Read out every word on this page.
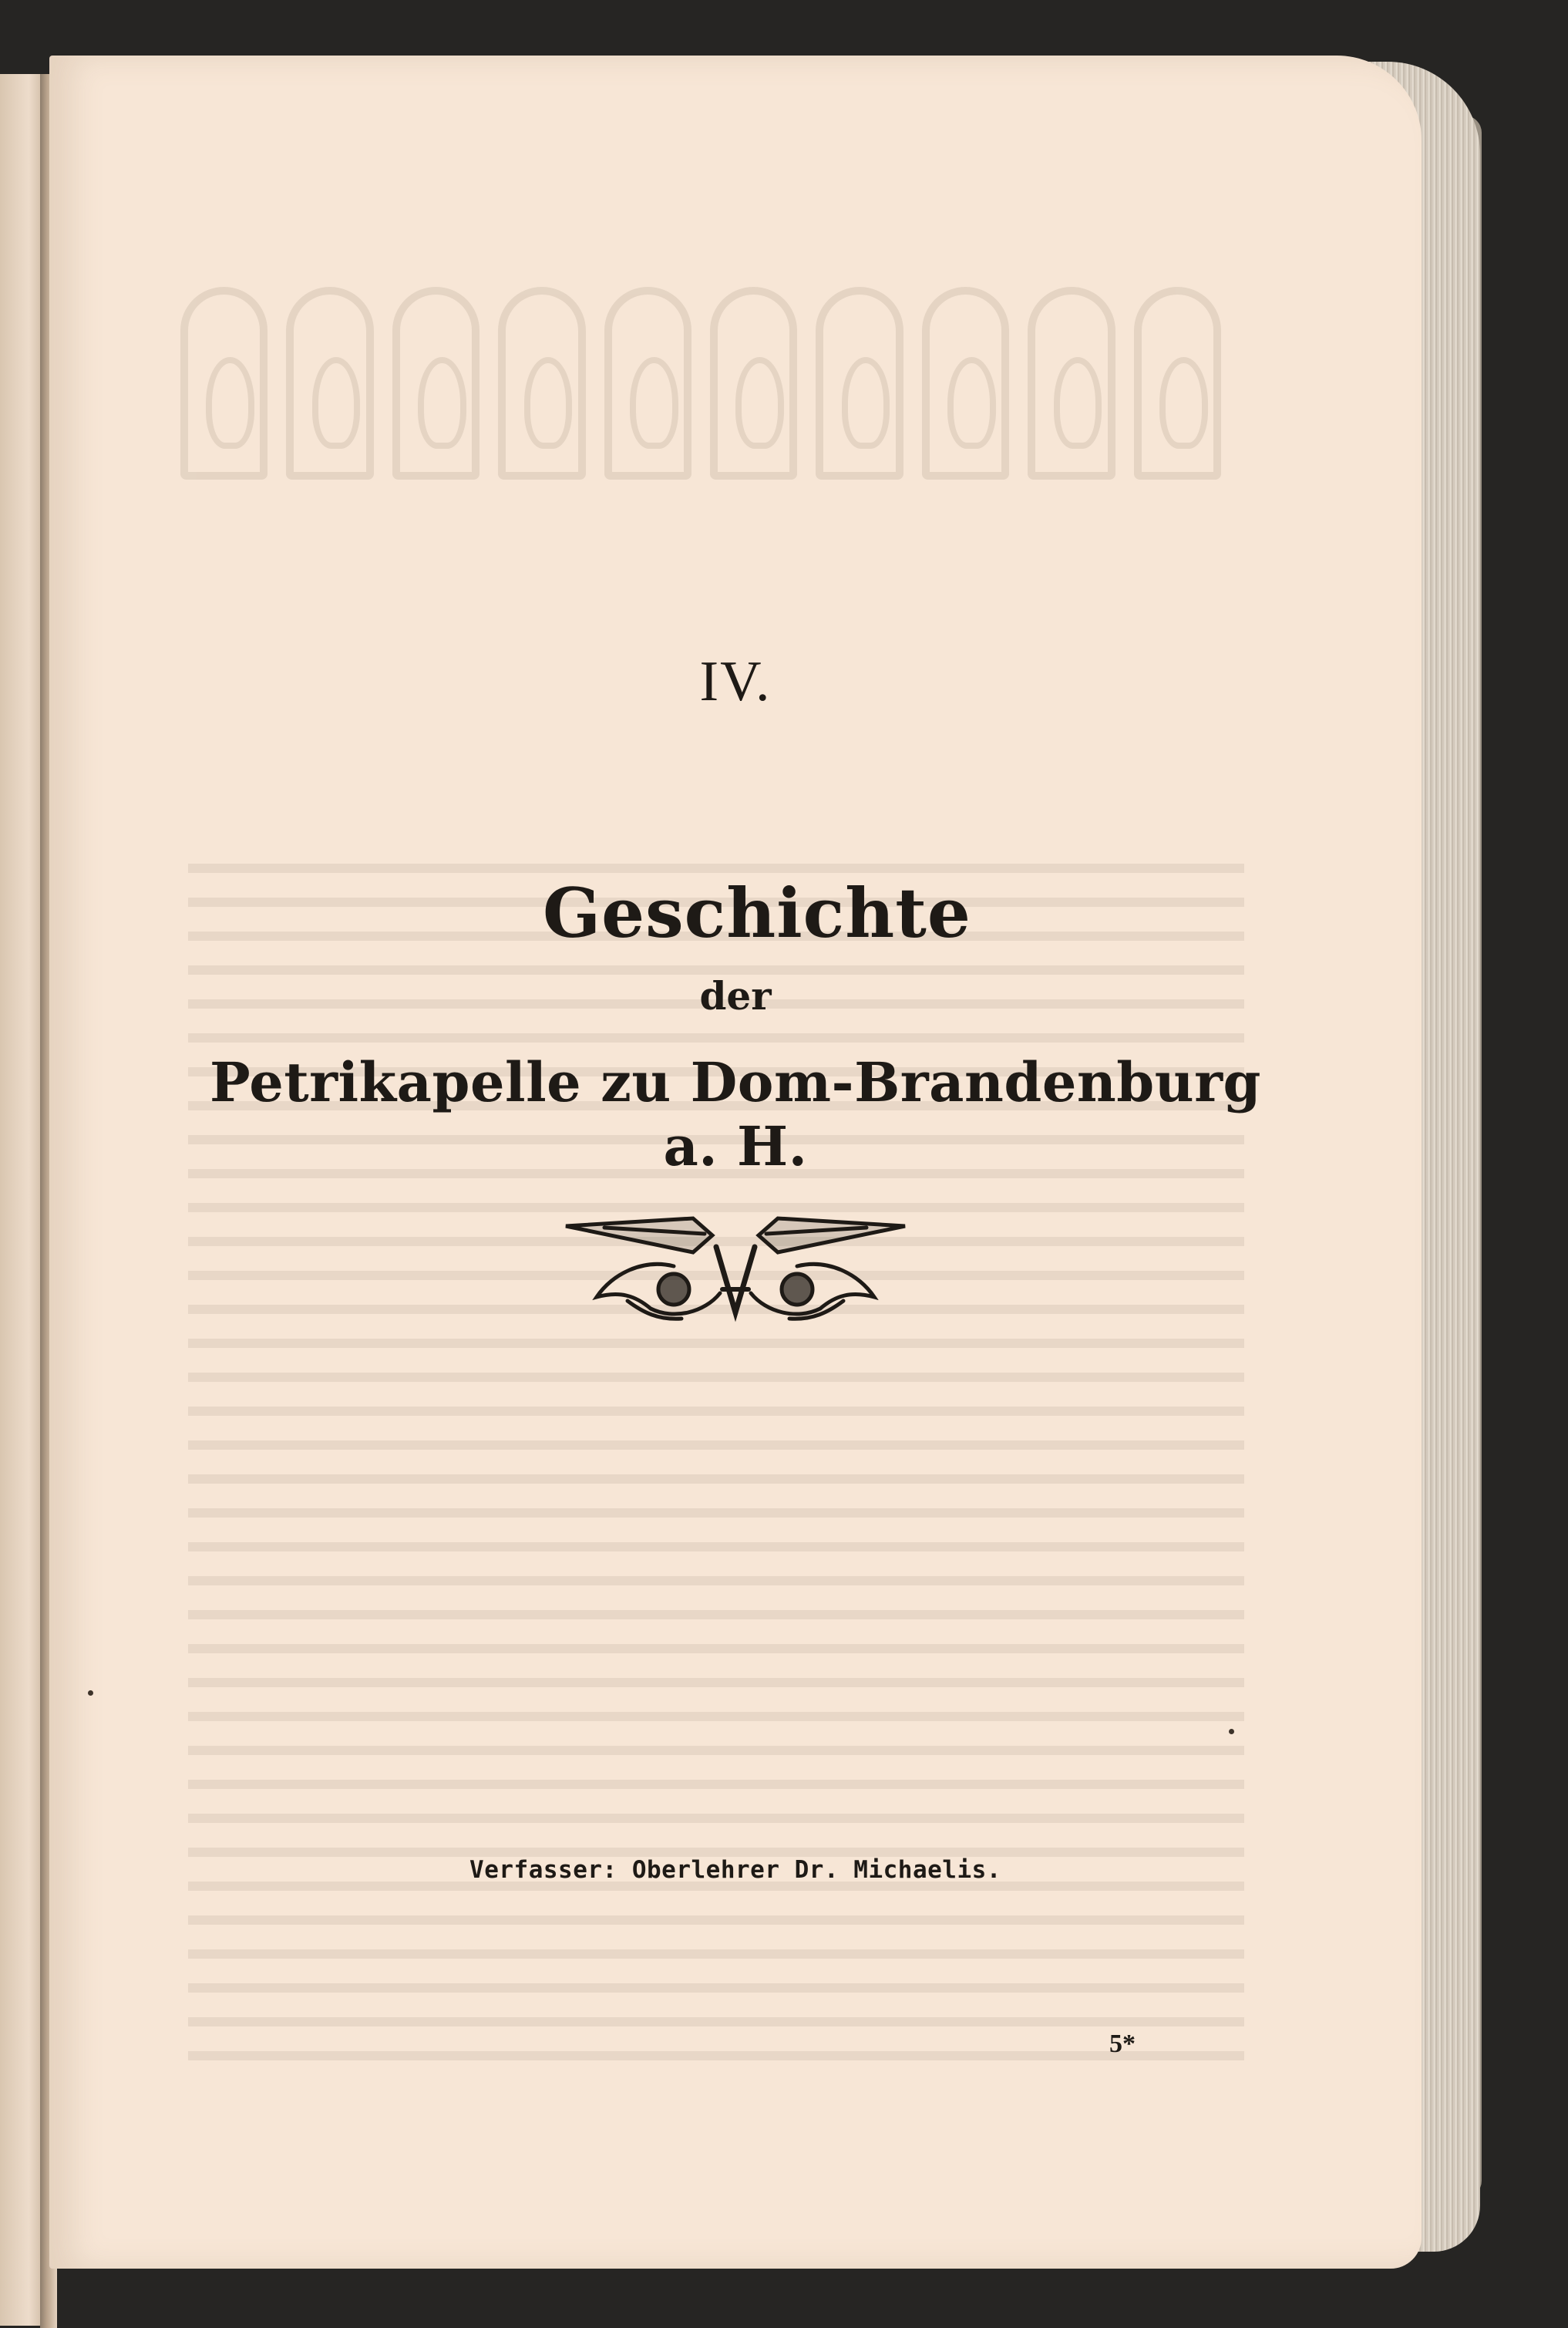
IV.
Geschichte
der
Petrikapelle zu Dom-Brandenburg a. H.
Verfasser: Oberlehrer Dr. Michaelis.
5*
